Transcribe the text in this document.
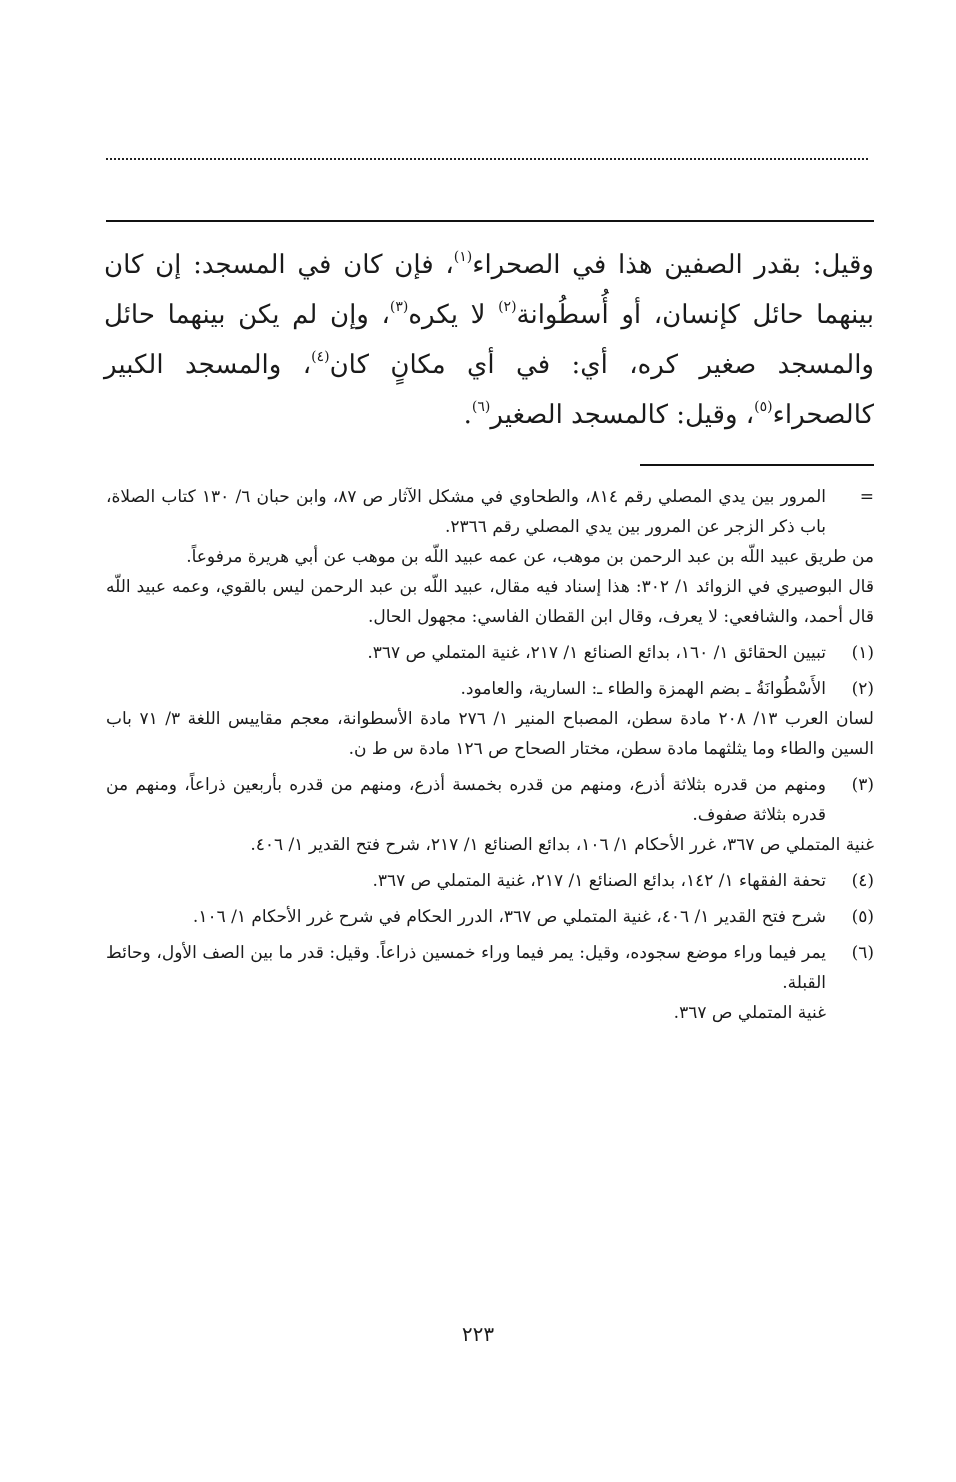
وقيل: بقدر الصفين هذا في الصحراء$^{(١)}$، فإن كان في المسجد: إن كان بينهما حائل كإنسان، أو أُسطُوانة$^{(٢)}$ لا يكره$^{(٣)}$، وإن لم يكن بينهما حائل والمسجد صغير كره، أي: في أي مكانٍ كان$^{(٤)}$، والمسجد الكبير كالصحراء$^{(٥)}$، وقيل: كالمسجد الصغير$^{(٦)}$.

=

المرور بين يدي المصلي رقم ٨١٤، والطحاوي في مشكل الآثار ص ٨٧، وابن حبان ٦/ ١٣٠ كتاب الصلاة، باب ذكر الزجر عن المرور بين يدي المصلي رقم ٢٣٦٦.

من طريق عبيد اللّه بن عبد الرحمن بن موهب، عن عمه عبيد اللّه بن موهب عن أبي هريرة مرفوعاً.

قال البوصيري في الزوائد ١/ ٣٠٢: هذا إسناد فيه مقال، عبيد اللّه بن عبد الرحمن ليس بالقوي، وعمه عبيد اللّه قال أحمد، والشافعي: لا يعرف، وقال ابن القطان الفاسي: مجهول الحال.

(١)

تبيين الحقائق ١/ ١٦٠، بدائع الصنائع ١/ ٢١٧، غنية المتملي ص ٣٦٧.

(٢)

الأَسْطُوانَةُ ـ بضم الهمزة والطاء ـ: السارية، والعامود.

لسان العرب ١٣/ ٢٠٨ مادة سطن، المصباح المنير ١/ ٢٧٦ مادة الأسطوانة، معجم مقاييس اللغة ٣/ ٧١ باب السين والطاء وما يثلثهما مادة سطن، مختار الصحاح ص ١٢٦ مادة س ط ن.

(٣)

ومنهم من قدره بثلاثة أذرع، ومنهم من قدره بخمسة أذرع، ومنهم من قدره بأربعين ذراعاً، ومنهم من قدره بثلاثة صفوف.

غنية المتملي ص ٣٦٧، غرر الأحكام ١/ ١٠٦، بدائع الصنائع ١/ ٢١٧، شرح فتح القدير ١/ ٤٠٦.

(٤)

تحفة الفقهاء ١/ ١٤٢، بدائع الصنائع ١/ ٢١٧، غنية المتملي ص ٣٦٧.

(٥)

شرح فتح القدير ١/ ٤٠٦، غنية المتملي ص ٣٦٧، الدرر الحكام في شرح غرر الأحكام ١/ ١٠٦.

(٦)

يمر فيما وراء موضع سجوده، وقيل: يمر فيما وراء خمسين ذراعاً. وقيل: قدر ما بين الصف الأول، وحائط القبلة.

غنية المتملي ص ٣٦٧.

٢٢٣
